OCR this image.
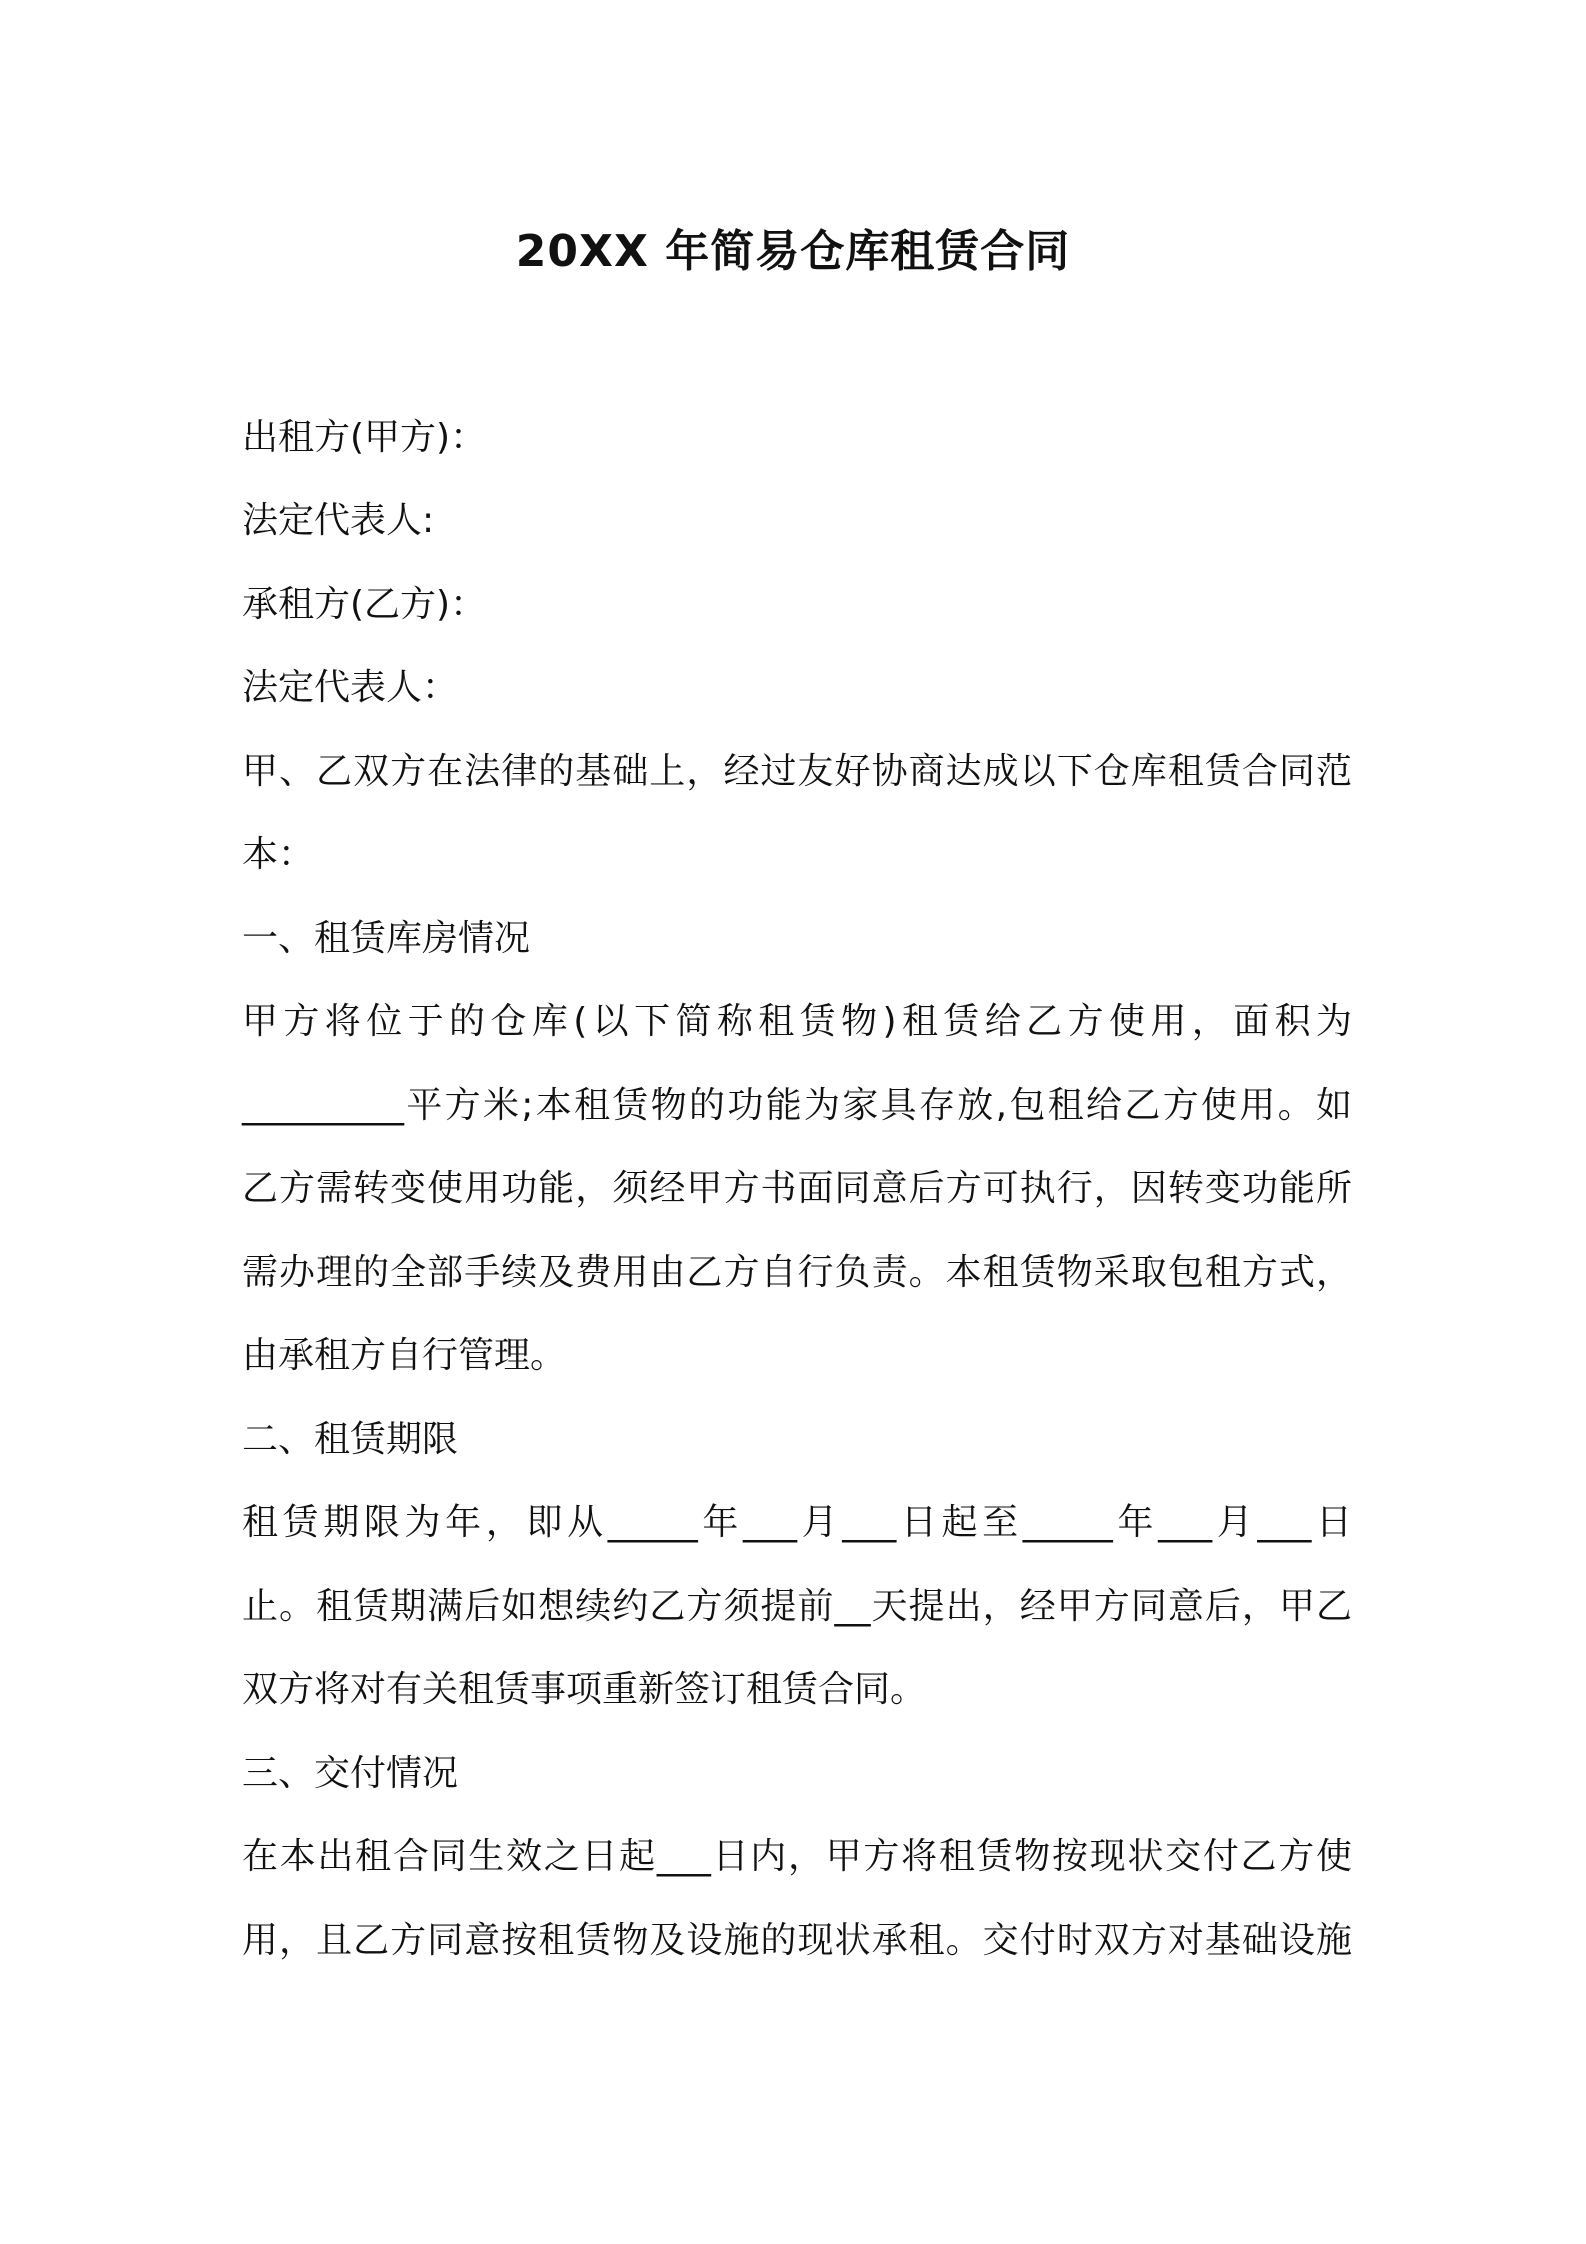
20XX 年简易仓库租赁合同

出租方(甲方)：

法定代表人:

承租方(乙方)：

法定代表人：

甲、乙双方在法律的基础上，经过友好协商达成以下仓库租赁合同范

本：

一、租赁库房情况

甲方将位于的仓库(以下简称租赁物)租赁给乙方使用，面积为

_________平方米;本租赁物的功能为家具存放,包租给乙方使用。如

乙方需转变使用功能，须经甲方书面同意后方可执行，因转变功能所

需办理的全部手续及费用由乙方自行负责。本租赁物采取包租方式，

由承租方自行管理。

二、租赁期限

租赁期限为年，即从_____年___月___日起至_____年___月___日

止。租赁期满后如想续约乙方须提前__天提出，经甲方同意后，甲乙

双方将对有关租赁事项重新签订租赁合同。

三、交付情况

在本出租合同生效之日起___日内，甲方将租赁物按现状交付乙方使

用，且乙方同意按租赁物及设施的现状承租。交付时双方对基础设施
